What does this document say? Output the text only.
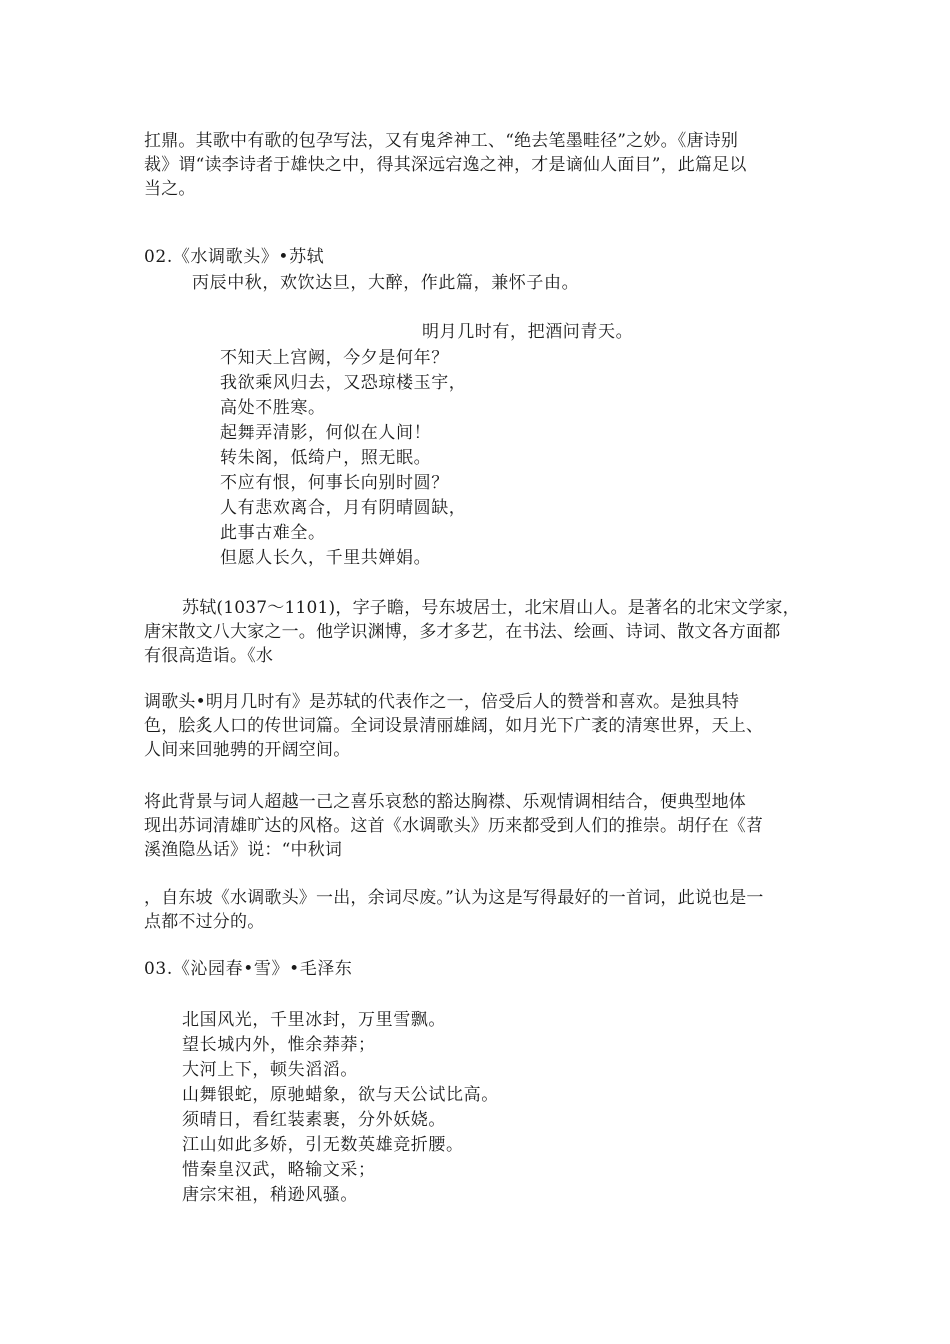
扛鼎。其歌中有歌的包孕写法，又有鬼斧神工、“绝去笔墨畦径”之妙。《唐诗别
裁》谓“读李诗者于雄快之中，得其深远宕逸之神，才是谪仙人面目”，此篇足以
当之。
02.《水调歌头》•苏轼
丙辰中秋，欢饮达旦，大醉，作此篇，兼怀子由。
明月几时有，把酒问青天。
不知天上宫阙，今夕是何年？
我欲乘风归去，又恐琼楼玉宇，
高处不胜寒。
起舞弄清影，何似在人间！
转朱阁，低绮户，照无眠。
不应有恨，何事长向别时圆？
人有悲欢离合，月有阴晴圆缺，
此事古难全。
但愿人长久，千里共婵娟。
苏轼(1037～1101)，字子瞻，号东坡居士，北宋眉山人。是著名的北宋文学家，
唐宋散文八大家之一。他学识渊博，多才多艺，在书法、绘画、诗词、散文各方面都
有很高造诣。《水
调歌头•明月几时有》是苏轼的代表作之一，倍受后人的赞誉和喜欢。是独具特
色，脍炙人口的传世词篇。全词设景清丽雄阔，如月光下广袤的清寒世界，天上、
人间来回驰骋的开阔空间。
将此背景与词人超越一己之喜乐哀愁的豁达胸襟、乐观情调相结合，便典型地体
现出苏词清雄旷达的风格。这首《水调歌头》历来都受到人们的推崇。胡仔在《苕
溪渔隐丛话》说：“中秋词
，自东坡《水调歌头》一出，余词尽废。”认为这是写得最好的一首词，此说也是一
点都不过分的。
03.《沁园春•雪》•毛泽东
北国风光，千里冰封，万里雪飘。
望长城内外，惟余莽莽；
大河上下，顿失滔滔。
山舞银蛇，原驰蜡象，欲与天公试比高。
须晴日，看红装素裹，分外妖娆。
江山如此多娇，引无数英雄竞折腰。
惜秦皇汉武，略输文采；
唐宗宋祖，稍逊风骚。
